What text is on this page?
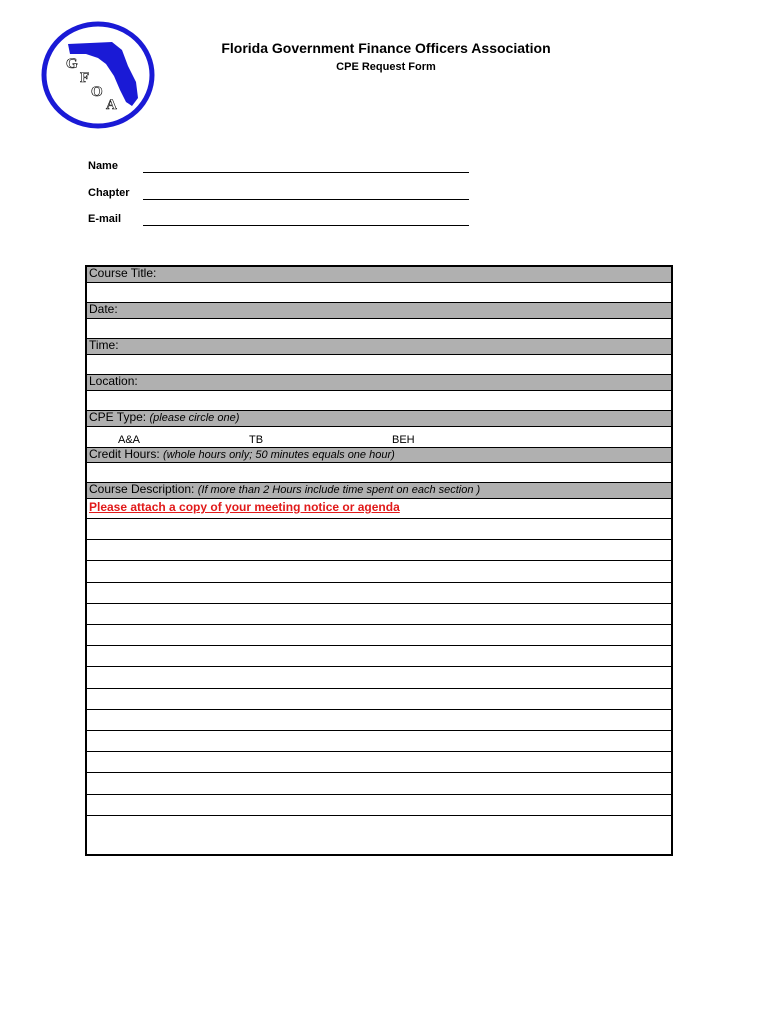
G
F
O
A
Florida Government Finance Officers Association
CPE Request Form
Name
Chapter
E-mail
Course Title:
Date:
Time:
Location:
CPE Type: (please circle one)
A&A	TB	BEH
Credit Hours: (whole hours only; 50 minutes equals one hour)
Course Description: (If more than 2 Hours include time spent on each section )
Please attach a copy of your meeting notice or agenda
